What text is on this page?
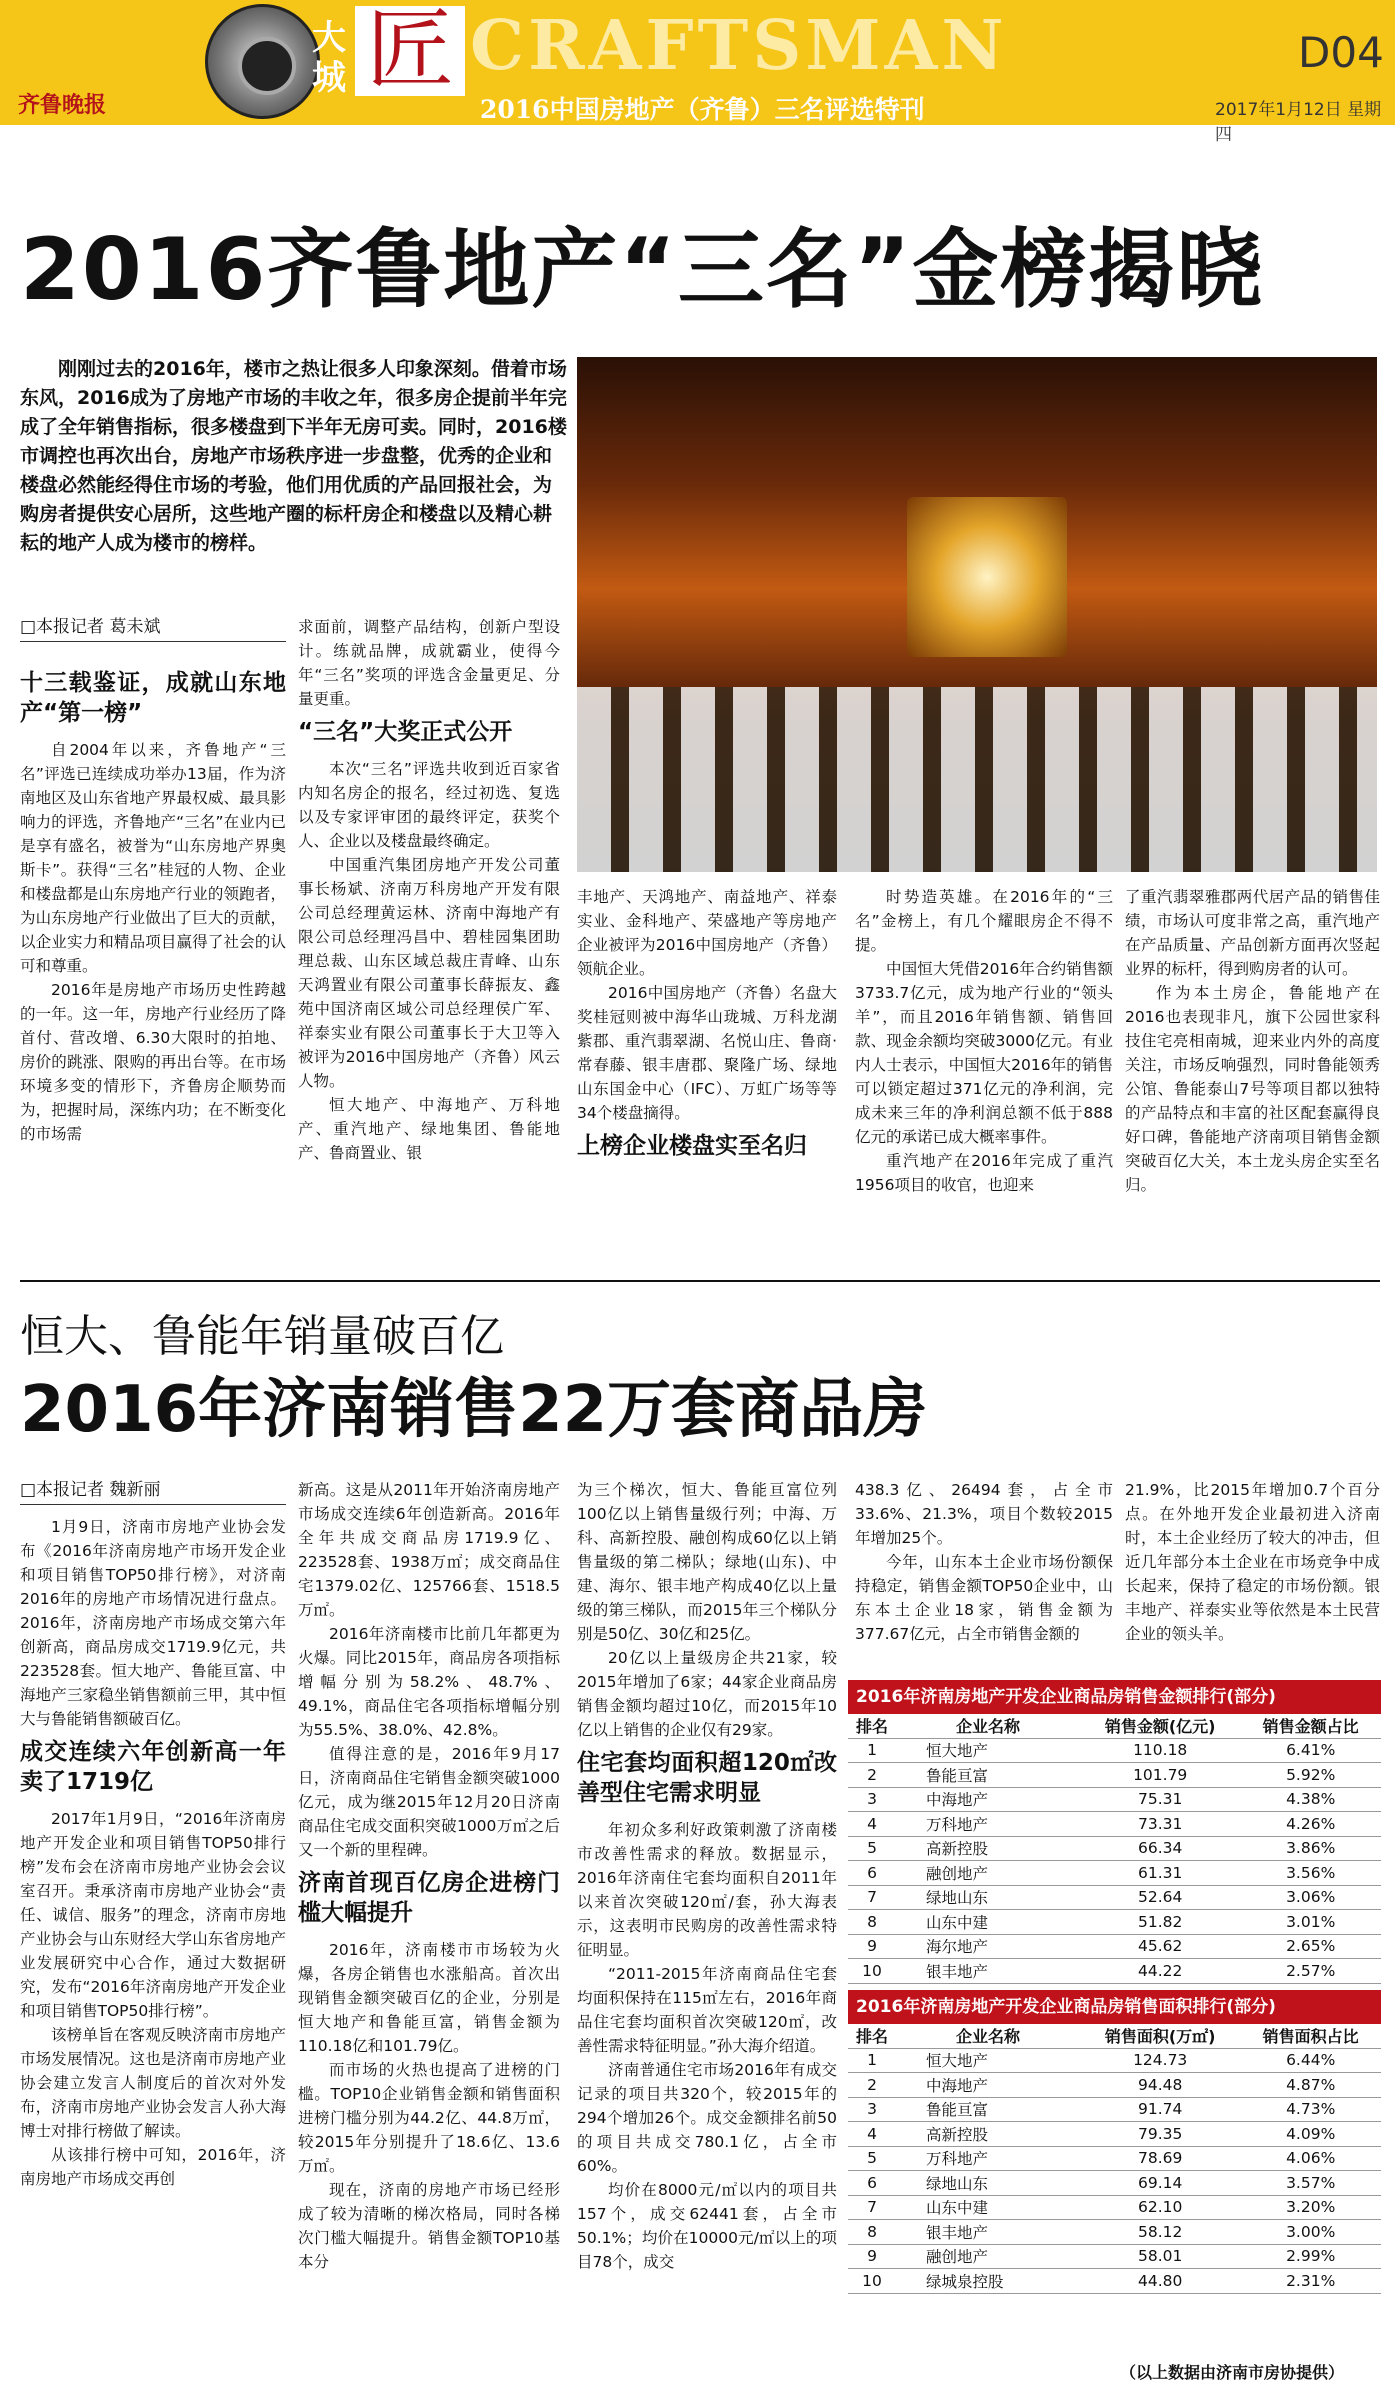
齐鲁晚报
大城 匠 CRAFTSMAN
2016中国房地产（齐鲁）三名评选特刊
D04
2017年1月12日 星期四
2016齐鲁地产“三名”金榜揭晓

刚刚过去的2016年，楼市之热让很多人印象深刻。借着市场东风，2016成为了房地产市场的丰收之年，很多房企提前半年完成了全年销售指标，很多楼盘到下半年无房可卖。同时，2016楼市调控也再次出台，房地产市场秩序进一步盘整，优秀的企业和楼盘必然能经得住市场的考验，他们用优质的产品回报社会，为购房者提供安心居所，这些地产圈的标杆房企和楼盘以及精心耕耘的地产人成为楼市的榜样。

□本报记者 葛未斌
十三载鉴证，成就山东地产“第一榜”

自2004年以来，齐鲁地产“三名”评选已连续成功举办13届，作为济南地区及山东省地产界最权威、最具影响力的评选，齐鲁地产“三名”在业内已是享有盛名，被誉为“山东房地产界奥斯卡”。获得“三名”桂冠的人物、企业和楼盘都是山东房地产行业的领跑者，为山东房地产行业做出了巨大的贡献，以企业实力和精品项目赢得了社会的认可和尊重。

2016年是房地产市场历史性跨越的一年。这一年，房地产行业经历了降首付、营改增、6.30大限时的拍地、房价的跳涨、限购的再出台等。在市场环境多变的情形下，齐鲁房企顺势而为，把握时局，深练内功；在不断变化的市场需

求面前，调整产品结构，创新户型设计。练就品牌，成就霸业，使得今年“三名”奖项的评选含金量更足、分量更重。

“三名”大奖正式公开

本次“三名”评选共收到近百家省内知名房企的报名，经过初选、复选以及专家评审团的最终评定，获奖个人、企业以及楼盘最终确定。

中国重汽集团房地产开发公司董事长杨斌、济南万科房地产开发有限公司总经理黄运林、济南中海地产有限公司总经理冯昌中、碧桂园集团助理总裁、山东区域总裁庄青峰、山东天鸿置业有限公司董事长薛振友、鑫苑中国济南区域公司总经理侯广军、祥泰实业有限公司董事长于大卫等入被评为2016中国房地产（齐鲁）风云人物。

恒大地产、中海地产、万科地产、重汽地产、绿地集团、鲁能地产、鲁商置业、银

丰地产、天鸿地产、南益地产、祥泰实业、金科地产、荣盛地产等房地产企业被评为2016中国房地产（齐鲁）领航企业。

2016中国房地产（齐鲁）名盘大奖桂冠则被中海华山珑城、万科龙湖紫郡、重汽翡翠湖、名悦山庄、鲁商·常春藤、银丰唐郡、聚隆广场、绿地山东国金中心（IFC）、万虹广场等等34个楼盘摘得。

上榜企业楼盘实至名归

时势造英雄。在2016年的“三名”金榜上，有几个耀眼房企不得不提。

中国恒大凭借2016年合约销售额3733.7亿元，成为地产行业的“领头羊”，而且2016年销售额、销售回款、现金余额均突破3000亿元。有业内人士表示，中国恒大2016年的销售可以锁定超过371亿元的净利润，完成未来三年的净利润总额不低于888亿元的承诺已成大概率事件。

重汽地产在2016年完成了重汽1956项目的收官，也迎来

了重汽翡翠雅郡两代居产品的销售佳绩，市场认可度非常之高，重汽地产在产品质量、产品创新方面再次竖起业界的标杆，得到购房者的认可。

作为本土房企，鲁能地产在2016也表现非凡，旗下公园世家科技住宅亮相南城，迎来业内外的高度关注，市场反响强烈，同时鲁能领秀公馆、鲁能泰山7号等项目都以独特的产品特点和丰富的社区配套赢得良好口碑，鲁能地产济南项目销售金额突破百亿大关，本土龙头房企实至名归。

恒大、鲁能年销量破百亿
2016年济南销售22万套商品房
□本报记者 魏新丽

1月9日，济南市房地产业协会发布《2016年济南房地产市场开发企业和项目销售TOP50排行榜》，对济南2016年的房地产市场情况进行盘点。2016年，济南房地产市场成交第六年创新高，商品房成交1719.9亿元，共223528套。恒大地产、鲁能亘富、中海地产三家稳坐销售额前三甲，其中恒大与鲁能销售额破百亿。

成交连续六年创新高一年卖了1719亿

2017年1月9日，“2016年济南房地产开发企业和项目销售TOP50排行榜”发布会在济南市房地产业协会会议室召开。秉承济南市房地产业协会“责任、诚信、服务”的理念，济南市房地产业协会与山东财经大学山东省房地产业发展研究中心合作，通过大数据研究，发布“2016年济南房地产开发企业和项目销售TOP50排行榜”。

该榜单旨在客观反映济南市房地产市场发展情况。这也是济南市房地产业协会建立发言人制度后的首次对外发布，济南市房地产业协会发言人孙大海博士对排行榜做了解读。

从该排行榜中可知，2016年，济南房地产市场成交再创

新高。这是从2011年开始济南房地产市场成交连续6年创造新高。2016年全年共成交商品房1719.9亿、223528套、1938万㎡；成交商品住宅1379.02亿、125766套、1518.5万㎡。

2016年济南楼市比前几年都更为火爆。同比2015年，商品房各项指标增幅分别为58.2%、48.7%、49.1%，商品住宅各项指标增幅分别为55.5%、38.0%、42.8%。

值得注意的是，2016年9月17日，济南商品住宅销售金额突破1000亿元，成为继2015年12月20日济南商品住宅成交面积突破1000万㎡之后又一个新的里程碑。

济南首现百亿房企进榜门槛大幅提升

2016年，济南楼市市场较为火爆，各房企销售也水涨船高。首次出现销售金额突破百亿的企业，分别是恒大地产和鲁能亘富，销售金额为110.18亿和101.79亿。

而市场的火热也提高了进榜的门槛。TOP10企业销售金额和销售面积进榜门槛分别为44.2亿、44.8万㎡，较2015年分别提升了18.6亿、13.6万㎡。

现在，济南的房地产市场已经形成了较为清晰的梯次格局，同时各梯次门槛大幅提升。销售金额TOP10基本分

为三个梯次，恒大、鲁能亘富位列100亿以上销售量级行列；中海、万科、高新控股、融创构成60亿以上销售量级的第二梯队；绿地(山东)、中建、海尔、银丰地产构成40亿以上量级的第三梯队，而2015年三个梯队分别是50亿、30亿和25亿。

20亿以上量级房企共21家，较2015年增加了6家；44家企业商品房销售金额均超过10亿，而2015年10亿以上销售的企业仅有29家。

住宅套均面积超120㎡改善型住宅需求明显

年初众多利好政策刺激了济南楼市改善性需求的释放。数据显示，2016年济南住宅套均面积自2011年以来首次突破120㎡/套，孙大海表示，这表明市民购房的改善性需求特征明显。

“2011-2015年济南商品住宅套均面积保持在115㎡左右，2016年商品住宅套均面积首次突破120㎡，改善性需求特征明显。”孙大海介绍道。

济南普通住宅市场2016年有成交记录的项目共320个，较2015年的294个增加26个。成交金额排名前50的项目共成交780.1亿，占全市60%。

均价在8000元/㎡以内的项目共157个，成交62441套，占全市50.1%；均价在10000元/㎡以上的项目78个，成交

438.3亿、26494套，占全市33.6%、21.3%，项目个数较2015年增加25个。

今年，山东本土企业市场份额保持稳定，销售金额TOP50企业中，山东本土企业18家，销售金额为377.67亿元，占全市销售金额的

21.9%，比2015年增加0.7个百分点。在外地开发企业最初进入济南时，本土企业经历了较大的冲击，但近几年部分本土企业在市场竞争中成长起来，保持了稳定的市场份额。银丰地产、祥泰实业等依然是本土民营企业的领头羊。

2016年济南房地产开发企业商品房销售金额排行(部分)
排名	企业名称	销售金额(亿元)	销售金额占比
1	恒大地产	110.18	6.41%
2	鲁能亘富	101.79	5.92%
3	中海地产	75.31	4.38%
4	万科地产	73.31	4.26%
5	高新控股	66.34	3.86%
6	融创地产	61.31	3.56%
7	绿地山东	52.64	3.06%
8	山东中建	51.82	3.01%
9	海尔地产	45.62	2.65%
10	银丰地产	44.22	2.57%
2016年济南房地产开发企业商品房销售面积排行(部分)
排名	企业名称	销售面积(万㎡)	销售面积占比
1	恒大地产	124.73	6.44%
2	中海地产	94.48	4.87%
3	鲁能亘富	91.74	4.73%
4	高新控股	79.35	4.09%
5	万科地产	78.69	4.06%
6	绿地山东	69.14	3.57%
7	山东中建	62.10	3.20%
8	银丰地产	58.12	3.00%
9	融创地产	58.01	2.99%
10	绿城泉控股	44.80	2.31%
（以上数据由济南市房协提供）
